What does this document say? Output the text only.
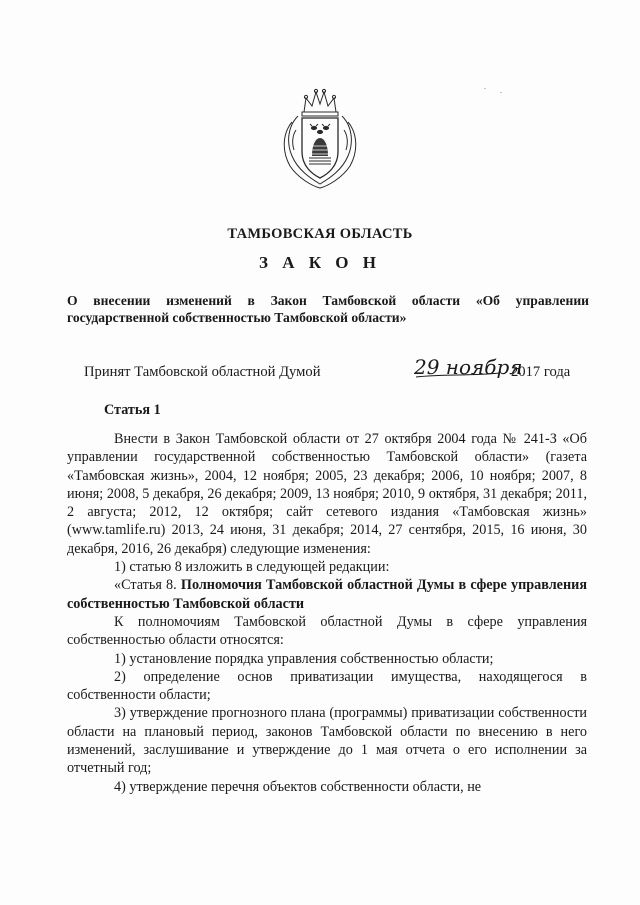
ТАМБОВСКАЯ ОБЛАСТЬ
З А К О Н
О внесении изменений в Закон Тамбовской области «Об управлении государственной собственностью Тамбовской области»
Принят Тамбовской областной Думой	29 ноября
2017 года
Статья 1

Внести в Закон Тамбовской области от 27 октября 2004 года № 241-З «Об управлении государственной собственностью Тамбовской области» (газета «Тамбовская жизнь», 2004, 12 ноября; 2005, 23 декабря; 2006, 10 ноября; 2007, 8 июня; 2008, 5 декабря, 26 декабря; 2009, 13 ноября; 2010, 9 октября, 31 декабря; 2011, 2 августа; 2012, 12 октября; сайт сетевого издания «Тамбовская жизнь» (www.tamlife.ru) 2013, 24 июня, 31 декабря; 2014, 27 сентября, 2015, 16 июня, 30 декабря, 2016, 26 декабря) следующие изменения:

1) статью 8 изложить в следующей редакции:

«Статья 8. Полномочия Тамбовской областной Думы в сфере управления собственностью Тамбовской области

К полномочиям Тамбовской областной Думы в сфере управления собственностью области относятся:

1) установление порядка управления собственностью области;

2) определение основ приватизации имущества, находящегося в собственности области;

3) утверждение прогнозного плана (программы) приватизации собственности области на плановый период, законов Тамбовской области по внесению в него изменений, заслушивание и утверждение до 1 мая отчета о его исполнении за отчетный год;

4) утверждение перечня объектов собственности области, не
